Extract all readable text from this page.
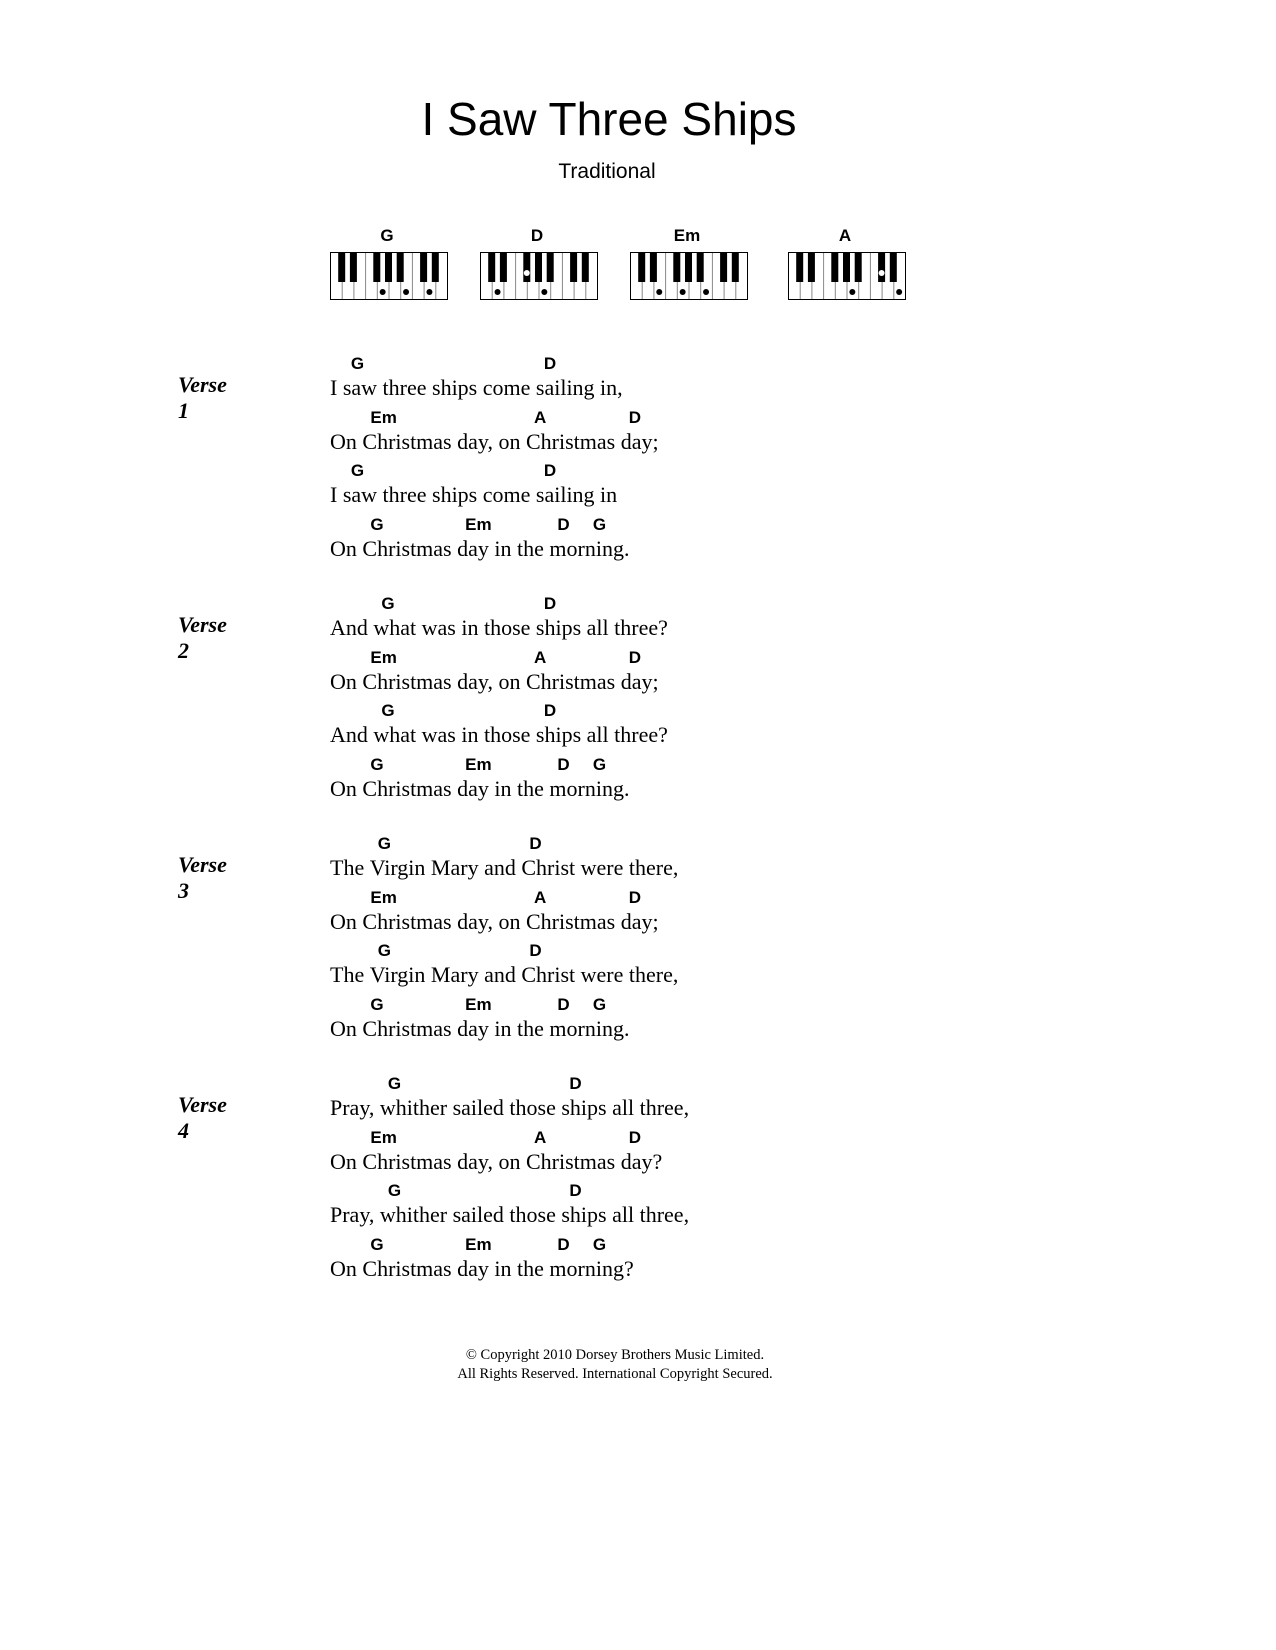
I Saw Three Ships
Traditional
G	D	Em	A
Verse 1
I
G
saw three ships come
D
sailing in,
On
Em
Christmas day, on
A
Christmas
D
day;
I
G
saw three ships come
D
sailing in
On
G
Christmas
Em
day in the
D
mor
G
ning.
Verse 2
And
G
what was in those
D
ships all three?
On
Em
Christmas day, on
A
Christmas
D
day;
And
G
what was in those
D
ships all three?
On
G
Christmas
Em
day in the
D
mor
G
ning.
Verse 3
The
G
Virgin Mary and
D
Christ were there,
On
Em
Christmas day, on
A
Christmas
D
day;
The
G
Virgin Mary and
D
Christ were there,
On
G
Christmas
Em
day in the
D
mor
G
ning.
Verse 4
Pray,
G
whither sailed those
D
ships all three,
On
Em
Christmas day, on
A
Christmas
D
day?
Pray,
G
whither sailed those
D
ships all three,
On
G
Christmas
Em
day in the
D
mor
G
ning?
© Copyright 2010 Dorsey Brothers Music Limited.
All Rights Reserved. International Copyright Secured.
